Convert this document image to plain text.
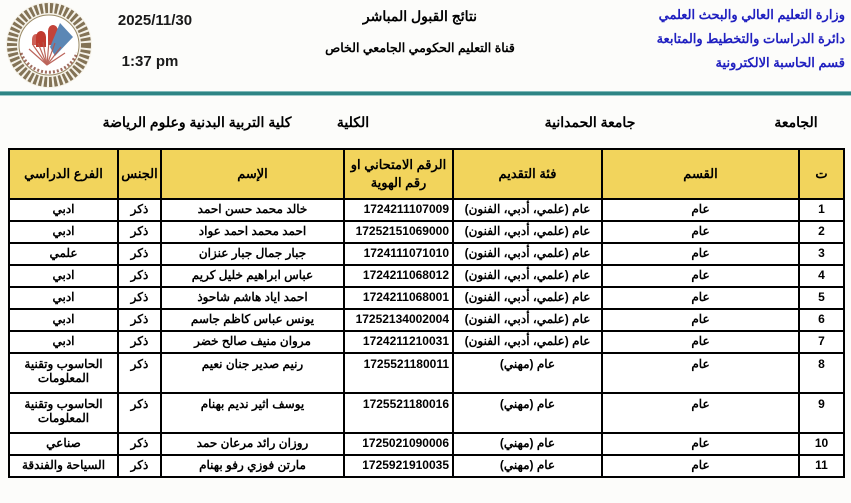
2025/11/30
1:37 pm
نتائج القبول المباشر
قناة التعليم الحكومي الجامعي الخاص
وزارة التعليم العالي والبحث العلمي
دائرة الدراسات والتخطيط والمتابعة
قسم الحاسبة الالكترونية
الجامعة
جامعة الحمدانية
الكلية
كلية التربية البدنية وعلوم الرياضة
ت	القسم	فئة التقديم	الرقم الامتحاني او رقم الهوية	الإسم	الجنس	الفرع الدراسي
1	عام	عام (علمي، أدبي، الفنون)	1724211107009	خالد محمد حسن احمد	ذكر	ادبي
2	عام	عام (علمي، أدبي، الفنون)	17252151069000	احمد محمد احمد عواد	ذكر	ادبي
3	عام	عام (علمي، أدبي، الفنون)	1724111071010	جبار جمال جبار عنزان	ذكر	علمي
4	عام	عام (علمي، أدبي، الفنون)	1724211068012	عباس ابراهيم خليل كريم	ذكر	ادبي
5	عام	عام (علمي، أدبي، الفنون)	1724211068001	احمد اياد هاشم شاحوذ	ذكر	ادبي
6	عام	عام (علمي، أدبي، الفنون)	17252134002004	يونس عباس كاظم جاسم	ذكر	ادبي
7	عام	عام (علمي، أدبي، الفنون)	1724211210031	مروان منيف صالح خضر	ذكر	ادبي
8	عام	عام (مهني)	1725521180011	رنيم صدير جنان نعيم	ذكر	الحاسوب وتقنية المعلومات
9	عام	عام (مهني)	1725521180016	يوسف اثير نديم بهنام	ذكر	الحاسوب وتقنية المعلومات
10	عام	عام (مهني)	1725021090006	روزان رائد مرعان حمد	ذكر	صناعي
11	عام	عام (مهني)	1725921910035	مارتن فوزي رفو بهنام	ذكر	السياحة والفندقة
